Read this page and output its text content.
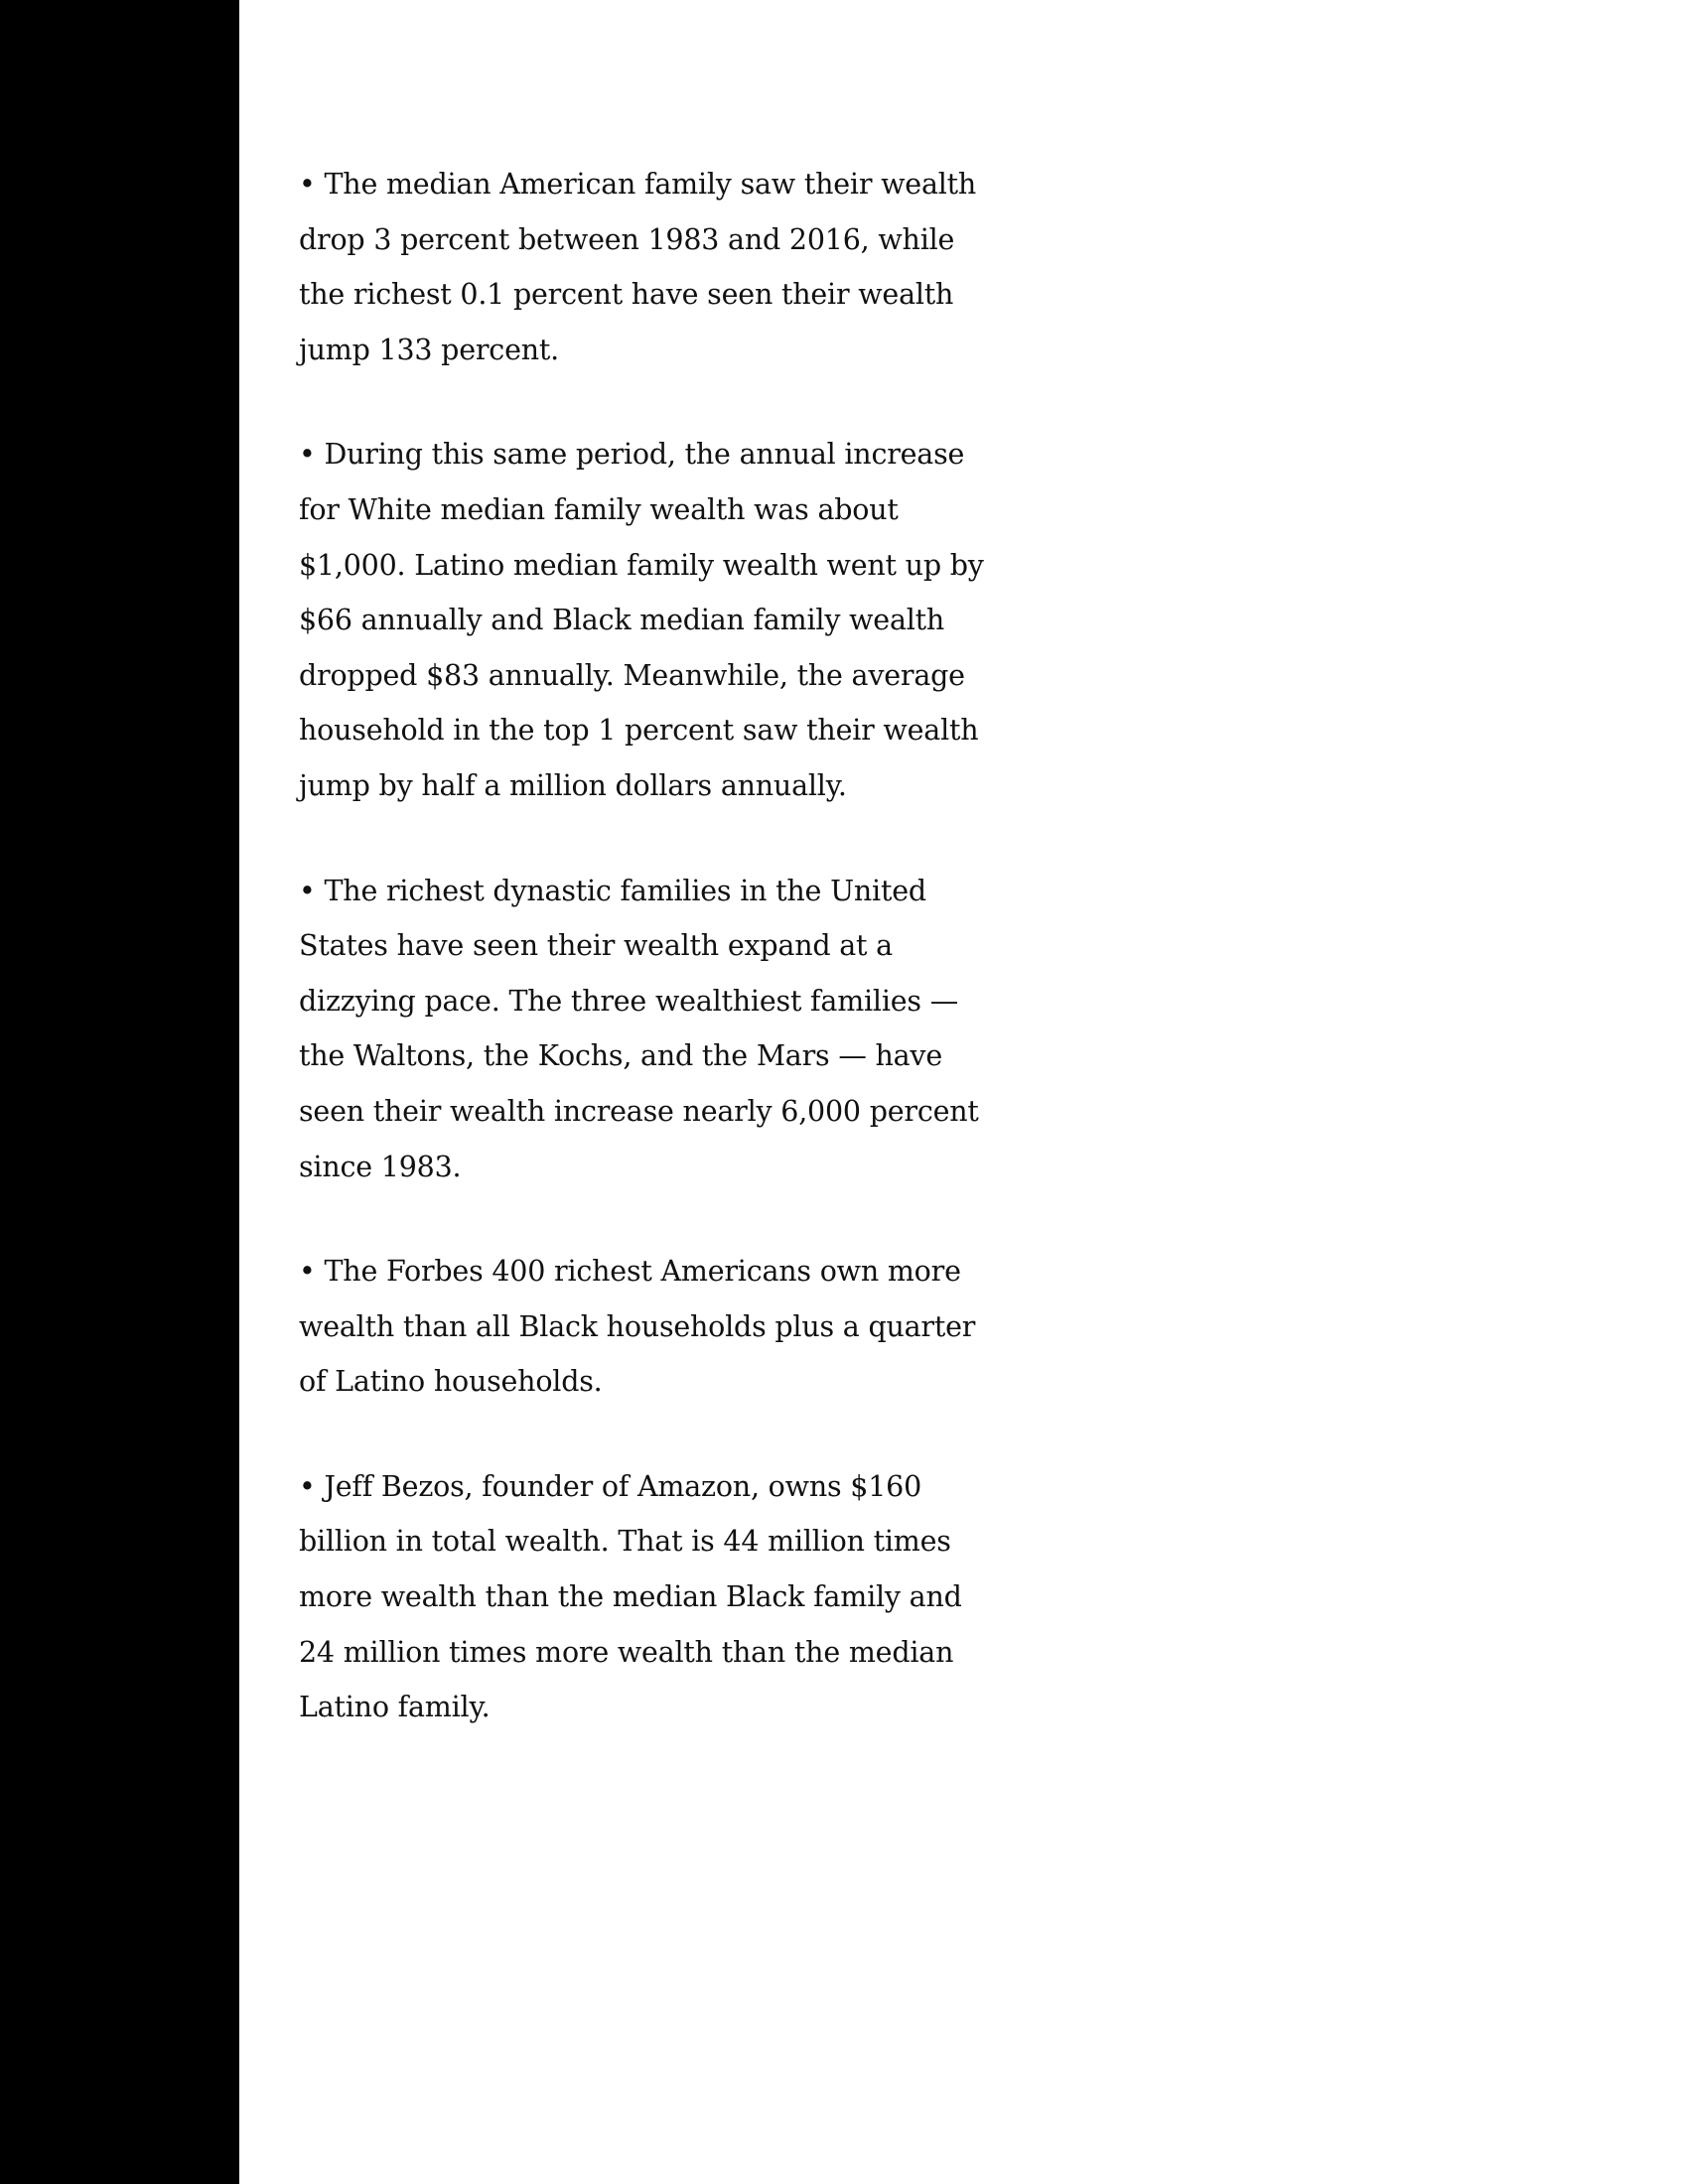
• The median American family saw their wealth drop 3 percent between 1983 and 2016, while the richest 0.1 percent have seen their wealth jump 133 percent.

• During this same period, the annual increase for White median family wealth was about $1,000. Latino median family wealth went up by $66 annually and Black median family wealth dropped $83 annually. Meanwhile, the average household in the top 1 percent saw their wealth jump by half a million dollars annually.

• The richest dynastic families in the United States have seen their wealth expand at a dizzying pace. The three wealthiest families — the Waltons, the Kochs, and the Mars — have seen their wealth increase nearly 6,000 percent since 1983.

• The Forbes 400 richest Americans own more wealth than all Black households plus a quarter of Latino households.

• Jeff Bezos, founder of Amazon, owns $160 billion in total wealth. That is 44 million times more wealth than the median Black family and 24 million times more wealth than the median Latino family.
